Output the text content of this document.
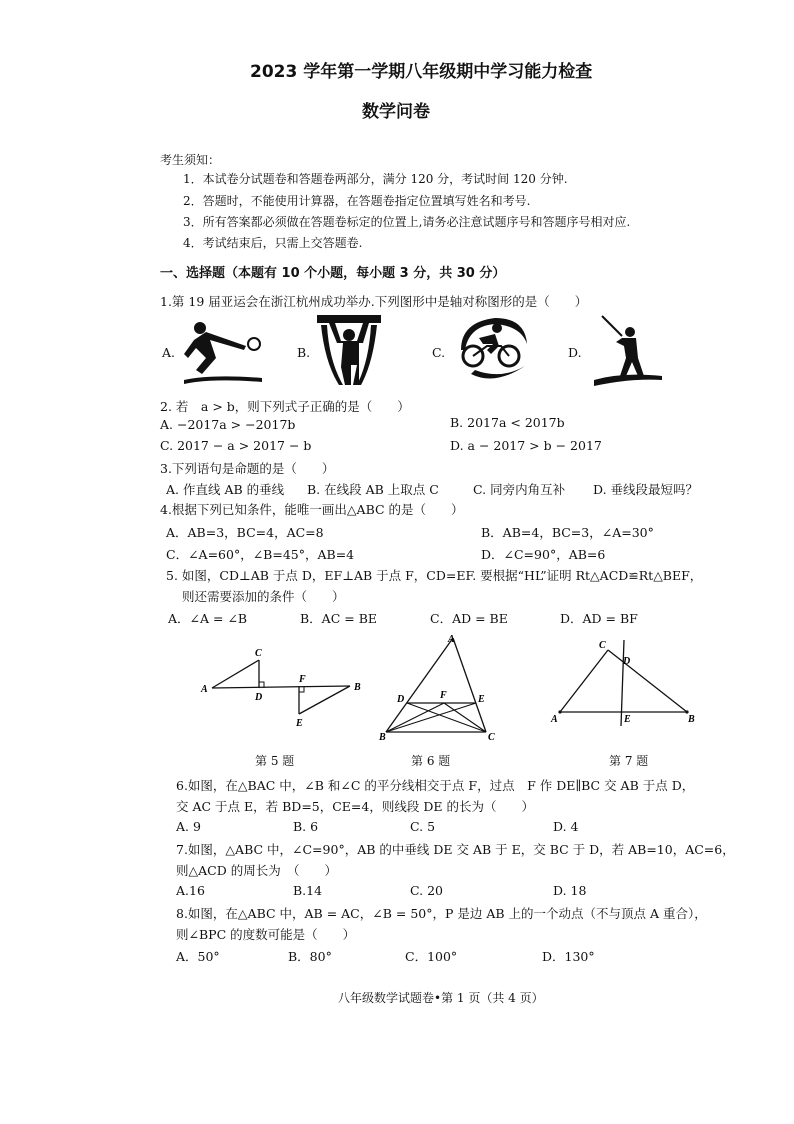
2023 学年第一学期八年级期中学习能力检查
数学问卷
考生须知：
1．本试卷分试题卷和答题卷两部分，满分 120 分，考试时间 120 分钟.
2．答题时，不能使用计算器，在答题卷指定位置填写姓名和考号.
3．所有答案都必须做在答题卷标定的位置上,请务必注意试题序号和答题序号相对应.
4．考试结束后，只需上交答题卷.
一、选择题（本题有 10 个小题，每小题 3 分，共 30 分）
1.第 19 届亚运会在浙江杭州成功举办.下列图形中是轴对称图形的是（　　）
A.	B.	C.	D.
2. 若　a > b，则下列式子正确的是（　　）
A. −2017a > −2017b	B. 2017a < 2017b
C. 2017 − a > 2017 − b	D. a − 2017 > b − 2017
3.下列语句是命题的是（　　）
A. 作直线 AB 的垂线 B. 在线段 AB 上取点 C	C. 同旁内角互补 D. 垂线段最短吗？
4.根据下列已知条件，能唯一画出△ABC 的是（　　）
A．AB=3，BC=4，AC=8	B．AB=4，BC=3，∠A=30°
C．∠A=60°，∠B=45°，AB=4	D．∠C=90°，AB=6
5. 如图，CD⊥AB 于点 D，EF⊥AB 于点 F，CD=EF. 要根据“HL”证明 Rt△ACD≌Rt△BEF，
则还需要添加的条件（　　）
A．∠A = ∠B	B．AC = BE	C．AD = BE	D．AD = BF
C
A
D
F
B
E
A
D	F	E
B	C
C
D
A	E	B
第 5 题	第 6 题	第 7 题
6.如图，在△BAC 中，∠B 和∠C 的平分线相交于点 F，过点　F 作 DE∥BC 交 AB 于点 D，
交 AC 于点 E，若 BD=5，CE=4，则线段 DE 的长为（　　）
A. 9	B. 6	C. 5	D. 4
7.如图，△ABC 中，∠C=90°，AB 的中垂线 DE 交 AB 于 E，交 BC 于 D，若 AB=10，AC=6，
则△ACD 的周长为　（　　）
A.16	B.14	C. 20	D. 18
8.如图，在△ABC 中，AB = AC，∠B = 50°，P 是边 AB 上的一个动点（不与顶点 A 重合），
则∠BPC 的度数可能是（　　）
A．50°	B．80°	C．100°	D．130°
八年级数学试题卷•第 1 页（共 4 页）
